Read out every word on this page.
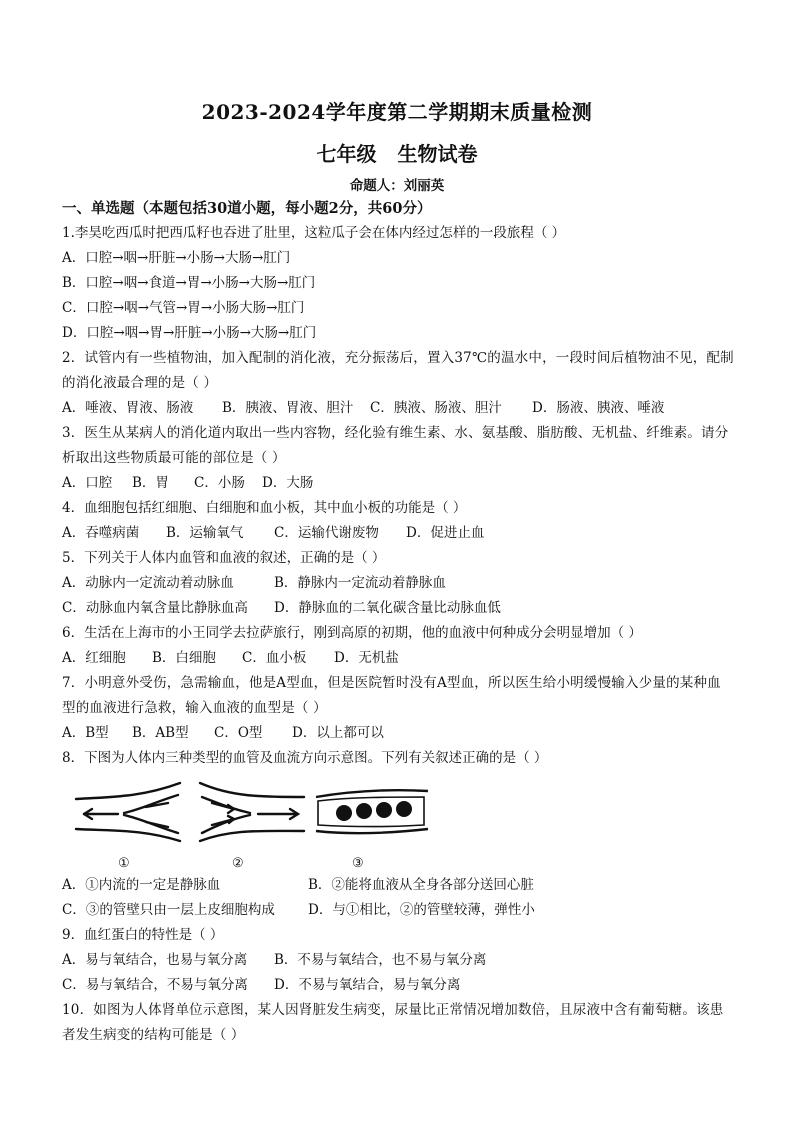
2023-2024学年度第二学期期末质量检测
七年级 生物试卷
命题人：刘丽英
一、单选题（本题包括30道小题，每小题2分，共60分）
1.李昊吃西瓜时把西瓜籽也吞进了肚里，这粒瓜子会在体内经过怎样的一段旅程（ ）
A．口腔→咽→肝脏→小肠→大肠→肛门
B．口腔→咽→食道→胃→小肠→大肠→肛门
C．口腔→咽→气管→胃→小肠大肠→肛门
D．口腔→咽→胃→肝脏→小肠→大肠→肛门
2．试管内有一些植物油，加入配制的消化液，充分振荡后，置入37℃的温水中，一段时间后植物油不见，配制的消化液最合理的是（ ）
A．唾液、胃液、肠液	B．胰液、胃液、胆汁	C．胰液、肠液、胆汁	D．肠液、胰液、唾液
3．医生从某病人的消化道内取出一些内容物，经化验有维生素、水、氨基酸、脂肪酸、无机盐、纤维素。请分析取出这些物质最可能的部位是（ ）
A．口腔	B．胃	C．小肠	D．大肠
4．血细胞包括红细胞、白细胞和血小板，其中血小板的功能是（ ）
A．吞噬病菌	B．运输氧气	C．运输代谢废物	D．促进止血
5．下列关于人体内血管和血液的叙述，正确的是（ ）
A．动脉内一定流动着动脉血	B．静脉内一定流动着静脉血
C．动脉血内氧含量比静脉血高	D．静脉血的二氧化碳含量比动脉血低
6．生活在上海市的小王同学去拉萨旅行，刚到高原的初期，他的血液中何种成分会明显增加（ ）
A．红细胞	B．白细胞	C．血小板	D．无机盐
7．小明意外受伤，急需输血，他是A型血，但是医院暂时没有A型血，所以医生给小明缓慢输入少量的某种血型的血液进行急救，输入血液的血型是（ ）
A．B型	B．AB型	C．O型	D．以上都可以
8．下图为人体内三种类型的血管及血流方向示意图。下列有关叙述正确的是（ ）
①	②	③
A．①内流的一定是静脉血	B．②能将血液从全身各部分送回心脏
C．③的管壁只由一层上皮细胞构成	D．与①相比，②的管壁较薄，弹性小
9．血红蛋白的特性是（ ）
A．易与氧结合，也易与氧分离	B．不易与氧结合，也不易与氧分离
C．易与氧结合，不易与氧分离	D．不易与氧结合，易与氧分离
10．如图为人体肾单位示意图，某人因肾脏发生病变，尿量比正常情况增加数倍，且尿液中含有葡萄糖。该患者发生病变的结构可能是（ ）
